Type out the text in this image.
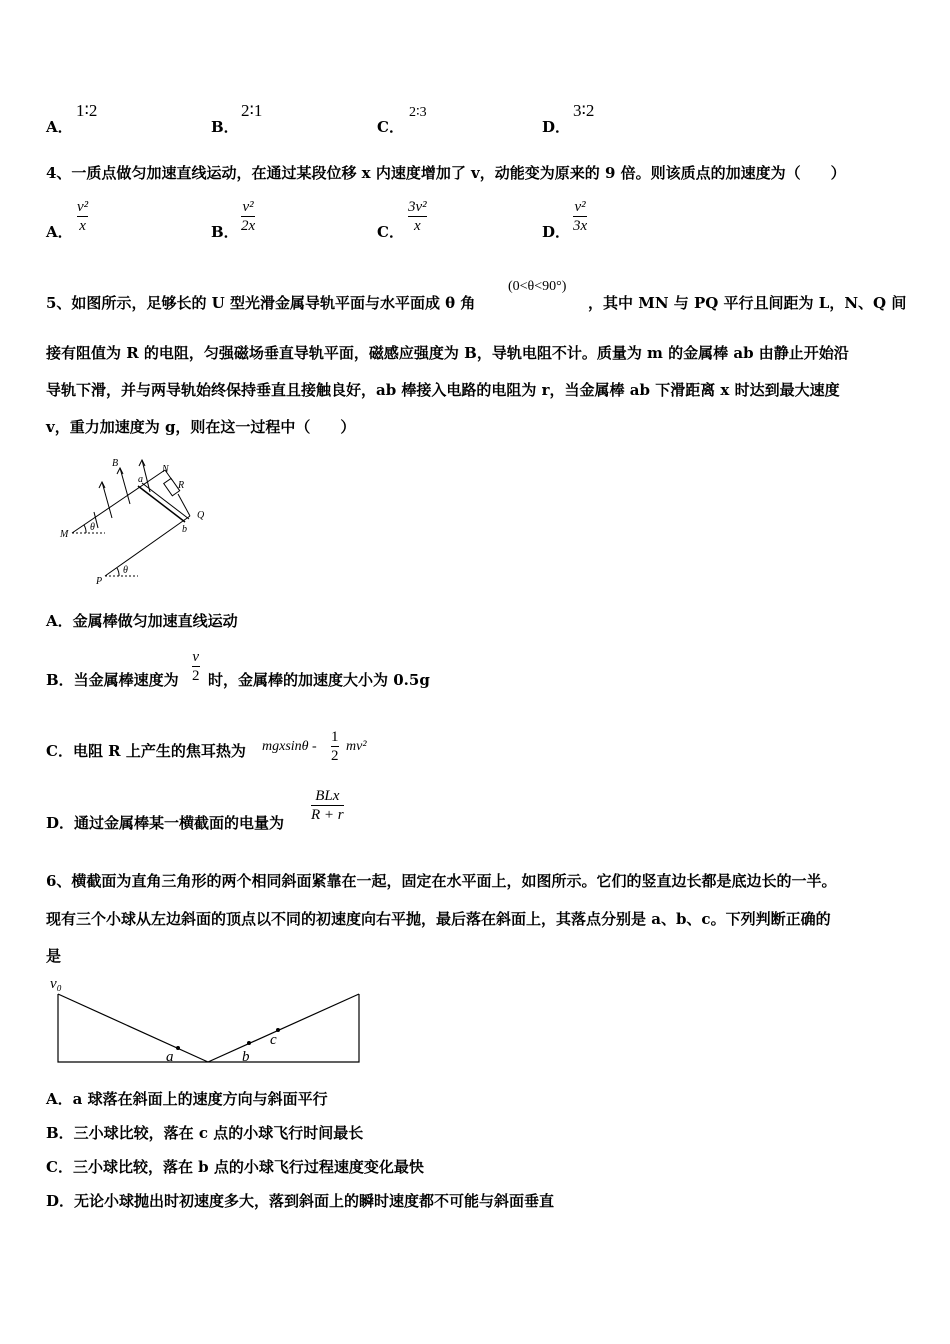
A．
1∶2
B．
2∶1
C．
2∶3
D．
3∶2
4、一质点做匀加速直线运动，在通过某段位移 x 内速度增加了 v，动能变为原来的 9 倍。则该质点的加速度为（　　）
A． $\frac{\text{v²}}{x}$	B． $\frac{\text{v²}}{2x}$	C． $\frac{\text{3v²}}{x}$	D． $\frac{\text{v²}}{3x}$
5、如图所示，足够长的 U 型光滑金属导轨平面与水平面成 θ 角
(0<θ<90°)
，其中 MN 与 PQ 平行且间距为 L，N、Q 间
接有阻值为 R 的电阻，匀强磁场垂直导轨平面，磁感应强度为 B，导轨电阻不计。质量为 m 的金属棒 ab 由静止开始沿
导轨下滑，并与两导轨始终保持垂直且接触良好，ab 棒接入电路的电阻为 r，当金属棒 ab 下滑距离 x 时达到最大速度
v，重力加速度为 g，则在这一过程中（　　）
B
a
N
R
Q
b
M
P
θ
θ
A．金属棒做匀加速直线运动
B．当金属棒速度为 $\frac{v}{2}$ 时，金属棒的加速度大小为 0.5g
C．电阻 R 上产生的焦耳热为 mgxsinθ - $\frac{1}{2} mv^2$
D．通过金属棒某一横截面的电量为
BLx
R + r
6、横截面为直角三角形的两个相同斜面紧靠在一起，固定在水平面上，如图所示。它们的竖直边长都是底边长的一半。
现有三个小球从左边斜面的顶点以不同的初速度向右平抛，最后落在斜面上，其落点分别是 a、b、c。下列判断正确的
是
v₀
a	b
c
A．a 球落在斜面上的速度方向与斜面平行
B．三小球比较，落在 c 点的小球飞行时间最长
C．三小球比较，落在 b 点的小球飞行过程速度变化最快
D．无论小球抛出时初速度多大，落到斜面上的瞬时速度都不可能与斜面垂直
